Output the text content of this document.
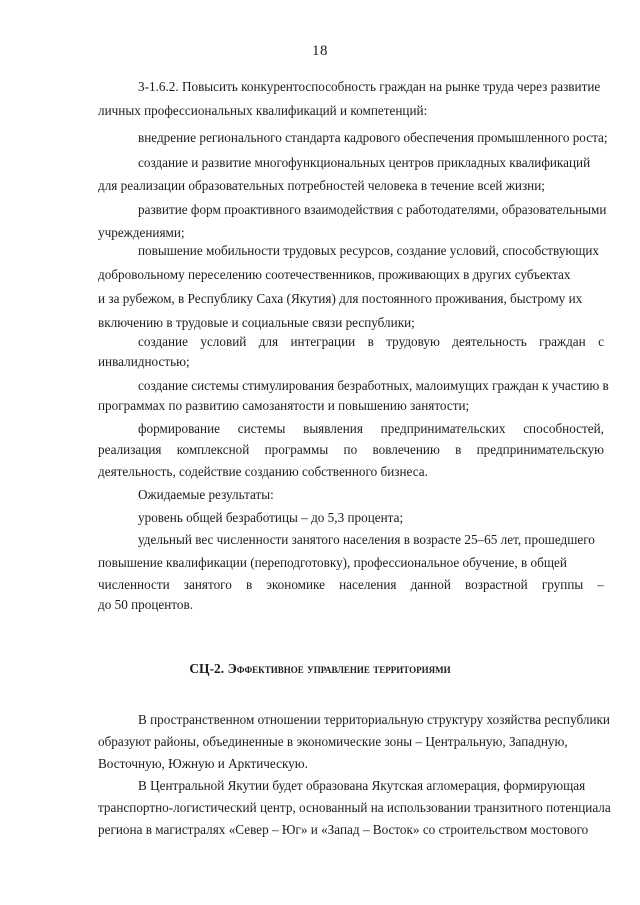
18
3-1.6.2. Повысить конкурентоспособность граждан на рынке труда через развитие
личных профессиональных квалификаций и компетенций:
внедрение регионального стандарта кадрового обеспечения промышленного роста;
создание и развитие многофункциональных центров прикладных квалификаций
для реализации образовательных потребностей человека в течение всей жизни;
развитие форм проактивного взаимодействия с работодателями, образовательными
учреждениями;
повышение мобильности трудовых ресурсов, создание условий, способствующих
добровольному переселению соотечественников, проживающих в других субъектах
и за рубежом, в Республику Саха (Якутия) для постоянного проживания, быстрому их
включению в трудовые и социальные связи республики;
создание условий для интеграции в трудовую деятельность граждан с
инвалидностью;
создание системы стимулирования безработных, малоимущих граждан к участию в
программах по развитию самозанятости и повышению занятости;
формирование системы выявления предпринимательских способностей,
реализация комплексной программы по вовлечению в предпринимательскую
деятельность, содействие созданию собственного бизнеса.
Ожидаемые результаты:
уровень общей безработицы – до 5,3 процента;
удельный вес численности занятого населения в возрасте 25–65 лет, прошедшего
повышение квалификации (переподготовку), профессиональное обучение, в общей
численности занятого в экономике населения данной возрастной группы –
до 50 процентов.
СЦ-2. Эффективное управление территориями
В пространственном отношении территориальную структуру хозяйства республики
образуют районы, объединенные в экономические зоны – Центральную, Западную,
Восточную, Южную и Арктическую.
В Центральной Якутии будет образована Якутская агломерация, формирующая
транспортно-логистический центр, основанный на использовании транзитного потенциала
региона в магистралях «Север – Юг» и «Запад – Восток» со строительством мостового
